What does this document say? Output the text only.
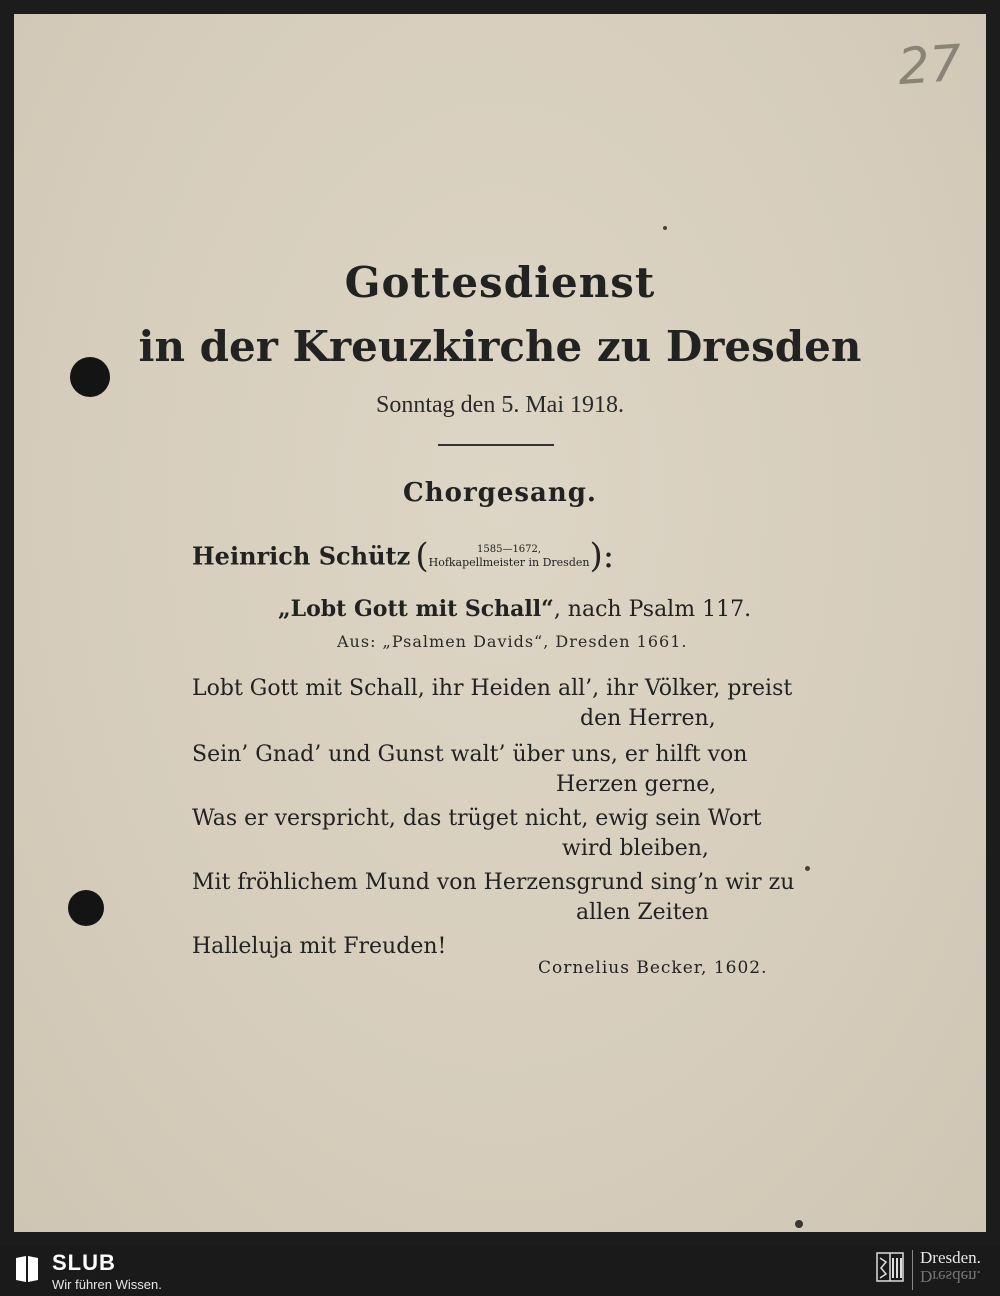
27
Gottesdienst
in der Kreuzkirche zu Dresden
Sonntag den 5. Mai 1918.
Chorgesang.
Heinrich Schütz (	1585—1672,
Hofkapellmeister in Dresden ):
„Lobt Gott mit Schall“, nach Psalm 117.
Aus: „Psalmen Davids“, Dresden 1661.
Lobt Gott mit Schall, ihr Heiden all’, ihr Völker, preist
den Herren,
Sein’ Gnad’ und Gunst walt’ über uns, er hilft von
Herzen gerne,
Was er verspricht, das trüget nicht, ewig sein Wort
wird bleiben,
Mit fröhlichem Mund von Herzensgrund sing’n wir zu
allen Zeiten
Halleluja mit Freuden!
Cornelius Becker, 1602.
SLUB
Wir führen Wissen.
Dresden.
Dresden.
